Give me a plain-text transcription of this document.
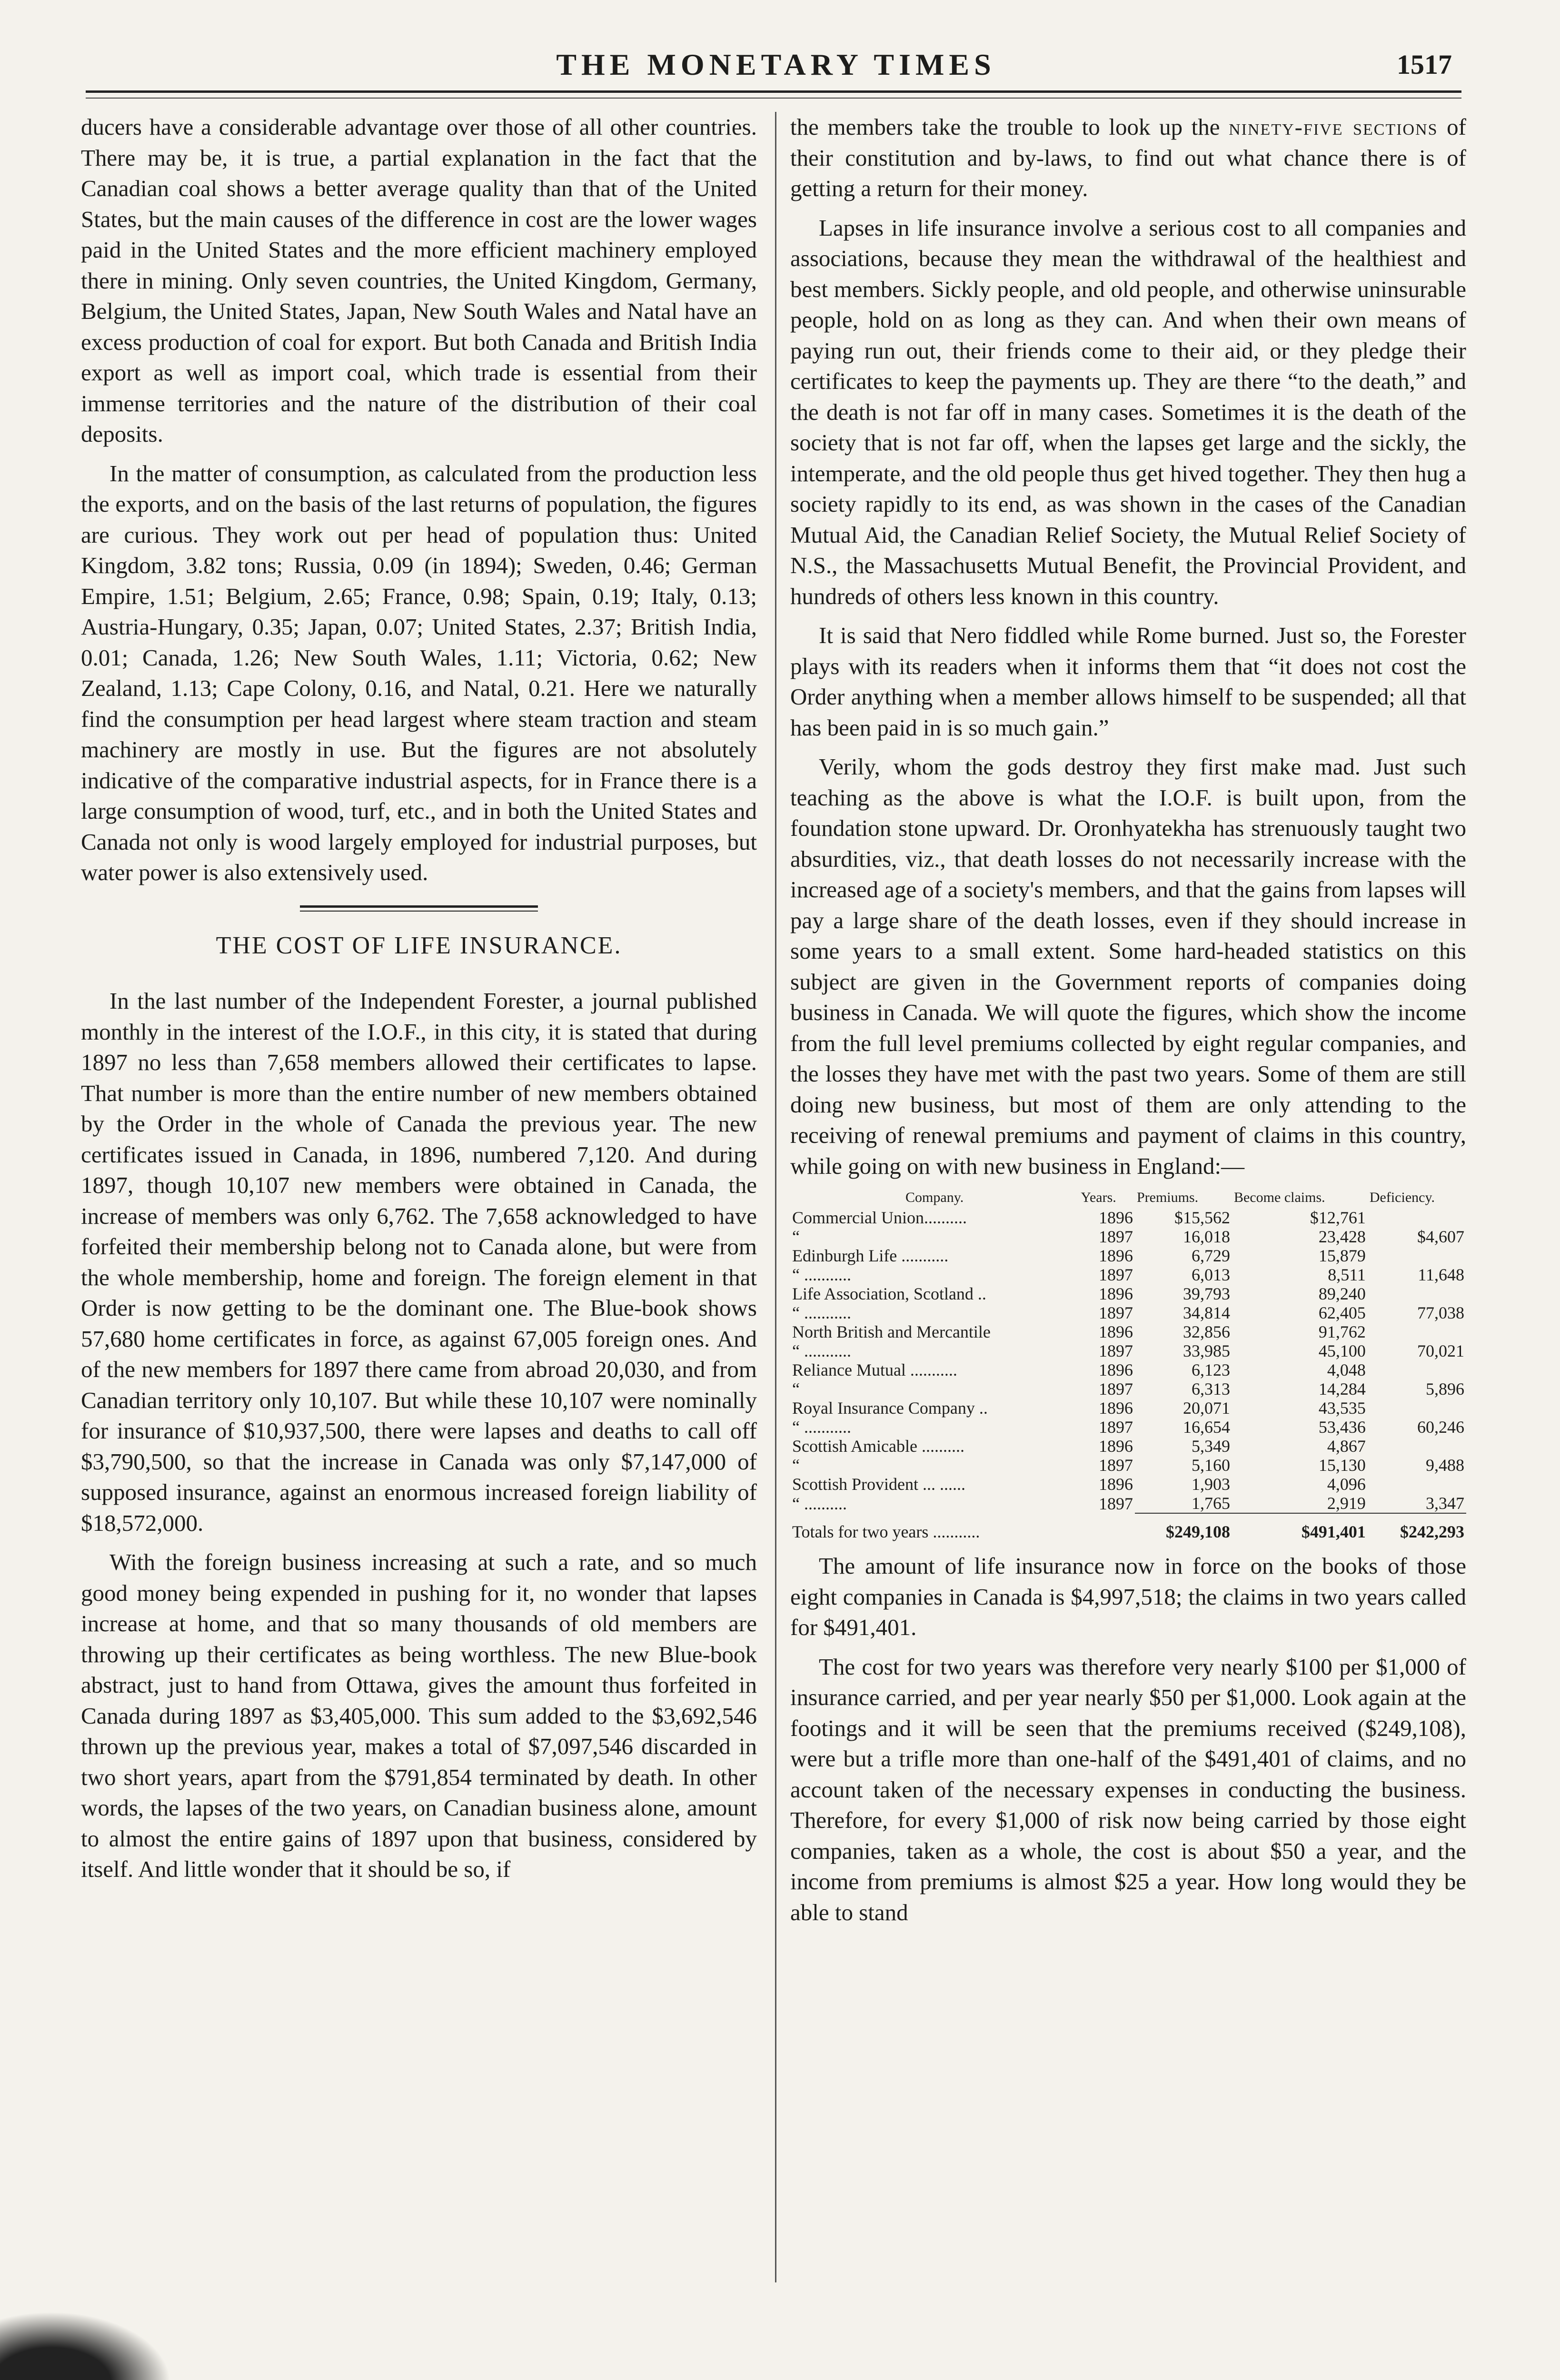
THE MONETARY TIMES	1517

ducers have a considerable advantage over those of all other countries. There may be, it is true, a partial explanation in the fact that the Canadian coal shows a better average quality than that of the United States, but the main causes of the difference in cost are the lower wages paid in the United States and the more efficient machinery employed there in mining. Only seven countries, the United Kingdom, Germany, Belgium, the United States, Japan, New South Wales and Natal have an excess production of coal for export. But both Canada and British India export as well as import coal, which trade is essential from their immense territories and the nature of the distribution of their coal deposits.

In the matter of consumption, as calculated from the production less the exports, and on the basis of the last returns of population, the figures are curious. They work out per head of population thus: United Kingdom, 3.82 tons; Russia, 0.09 (in 1894); Sweden, 0.46; German Empire, 1.51; Belgium, 2.65; France, 0.98; Spain, 0.19; Italy, 0.13; Austria-Hungary, 0.35; Japan, 0.07; United States, 2.37; British India, 0.01; Canada, 1.26; New South Wales, 1.11; Victoria, 0.62; New Zealand, 1.13; Cape Colony, 0.16, and Natal, 0.21. Here we naturally find the consumption per head largest where steam traction and steam machinery are mostly in use. But the figures are not absolutely indicative of the comparative industrial aspects, for in France there is a large consumption of wood, turf, etc., and in both the United States and Canada not only is wood largely employed for industrial purposes, but water power is also extensively used.

THE COST OF LIFE INSURANCE.

In the last number of the Independent Forester, a journal published monthly in the interest of the I.O.F., in this city, it is stated that during 1897 no less than 7,658 members allowed their certificates to lapse. That number is more than the entire number of new members obtained by the Order in the whole of Canada the previous year. The new certificates issued in Canada, in 1896, numbered 7,120. And during 1897, though 10,107 new members were obtained in Canada, the increase of members was only 6,762. The 7,658 acknowledged to have forfeited their membership belong not to Canada alone, but were from the whole membership, home and foreign. The foreign element in that Order is now getting to be the dominant one. The Blue-book shows 57,680 home certificates in force, as against 67,005 foreign ones. And of the new members for 1897 there came from abroad 20,030, and from Canadian territory only 10,107. But while these 10,107 were nominally for insurance of $10,937,500, there were lapses and deaths to call off $3,790,500, so that the increase in Canada was only $7,147,000 of supposed insurance, against an enormous increased foreign liability of $18,572,000.

With the foreign business increasing at such a rate, and so much good money being expended in pushing for it, no wonder that lapses increase at home, and that so many thousands of old members are throwing up their certificates as being worthless. The new Blue-book abstract, just to hand from Ottawa, gives the amount thus forfeited in Canada during 1897 as $3,405,000. This sum added to the $3,692,546 thrown up the previous year, makes a total of $7,097,546 discarded in two short years, apart from the $791,854 terminated by death. In other words, the lapses of the two years, on Canadian business alone, amount to almost the entire gains of 1897 upon that business, considered by itself. And little wonder that it should be so, if

the members take the trouble to look up the ninety-five sections of their constitution and by-laws, to find out what chance there is of getting a return for their money.

Lapses in life insurance involve a serious cost to all companies and associations, because they mean the withdrawal of the healthiest and best members. Sickly people, and old people, and otherwise uninsurable people, hold on as long as they can. And when their own means of paying run out, their friends come to their aid, or they pledge their certificates to keep the payments up. They are there “to the death,” and the death is not far off in many cases. Sometimes it is the death of the society that is not far off, when the lapses get large and the sickly, the intemperate, and the old people thus get hived together. They then hug a society rapidly to its end, as was shown in the cases of the Canadian Mutual Aid, the Canadian Relief Society, the Mutual Relief Society of N.S., the Massachusetts Mutual Benefit, the Provincial Provident, and hundreds of others less known in this country.

It is said that Nero fiddled while Rome burned. Just so, the Forester plays with its readers when it informs them that “it does not cost the Order anything when a member allows himself to be suspended; all that has been paid in is so much gain.”

Verily, whom the gods destroy they first make mad. Just such teaching as the above is what the I.O.F. is built upon, from the foundation stone upward. Dr. Oronhyatekha has strenuously taught two absurdities, viz., that death losses do not necessarily increase with the increased age of a society's members, and that the gains from lapses will pay a large share of the death losses, even if they should increase in some years to a small extent. Some hard-headed statistics on this subject are given in the Government reports of companies doing business in Canada. We will quote the figures, which show the income from the full level premiums collected by eight regular companies, and the losses they have met with the past two years. Some of them are still doing new business, but most of them are only attending to the receiving of renewal premiums and payment of claims in this country, while going on with new business in England:—

Company.	Years.	Premiums.	Become claims.	Deficiency.
Commercial Union..........	1896	$15,562	$12,761	
“	1897	16,018	23,428	$4,607
Edinburgh Life ...........	1896	6,729	15,879	
“ ...........	1897	6,013	8,511	11,648
Life Association, Scotland ..	1896	39,793	89,240	
“ ...........	1897	34,814	62,405	77,038
North British and Mercantile	1896	32,856	91,762	
“ ...........	1897	33,985	45,100	70,021
Reliance Mutual ...........	1896	6,123	4,048	
“	1897	6,313	14,284	5,896
Royal Insurance Company ..	1896	20,071	43,535	
“ ...........	1897	16,654	53,436	60,246
Scottish Amicable ..........	1896	5,349	4,867	
“	1897	5,160	15,130	9,488
Scottish Provident ... ......	1896	1,903	4,096	
“ ..........	1897	1,765	2,919	3,347
Totals for two years ...........		$249,108	$491,401	$242,293

The amount of life insurance now in force on the books of those eight companies in Canada is $4,997,518; the claims in two years called for $491,401.

The cost for two years was therefore very nearly $100 per $1,000 of insurance carried, and per year nearly $50 per $1,000. Look again at the footings and it will be seen that the premiums received ($249,108), were but a trifle more than one-half of the $491,401 of claims, and no account taken of the necessary expenses in conducting the business. Therefore, for every $1,000 of risk now being carried by those eight companies, taken as a whole, the cost is about $50 a year, and the income from premiums is almost $25 a year. How long would they be able to stand
